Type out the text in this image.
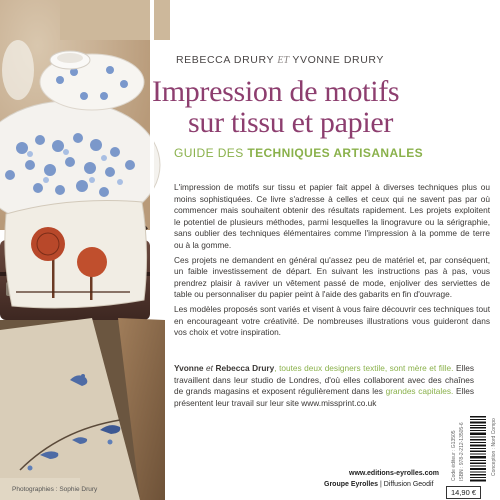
REBECCA DRURY ET YVONNE DRURY
Impression de motifs
sur tissu et papier
GUIDE DES TECHNIQUES ARTISANALES

L'impression de motifs sur tissu et papier fait appel à diverses techniques plus ou moins sophistiquées. Ce livre s'adresse à celles et ceux qui ne savent pas par où commencer mais souhaitent obtenir des résultats rapidement. Les projets exploitent le potentiel de plusieurs méthodes, parmi lesquelles la linogravure ou la sérigraphie, sans oublier des techniques élémentaires comme l'impression à la pomme de terre ou à la gomme.

Ces projets ne demandent en général qu'assez peu de matériel et, par conséquent, un faible investissement de départ. En suivant les instructions pas à pas, vous prendrez plaisir à raviver un vêtement passé de mode, enjoliver des serviettes de table ou personnaliser du papier peint à l'aide des gabarits en fin d'ouvrage.

Les modèles proposés sont variés et visent à vous faire découvrir ces techniques tout en encourageant votre créativité. De nombreuses illustrations vous guideront dans vos choix et votre inspiration.

Yvonne et Rebecca Drury, toutes deux designers textile, sont mère et fille. Elles travaillent dans leur studio de Londres, d'où elles collaborent avec des chaînes de grands magasins et exposent régulièrement dans les grandes capitales. Elles présentent leur travail sur leur site www.missprint.co.uk
Photographies : Sophie Drury
www.editions-eyrolles.com
Groupe Eyrolles | Diffusion Geodif
14,90 €
Code éditeur : G13505 ISBN : 978-2-212-13505-6	Conception : Nord Compo
